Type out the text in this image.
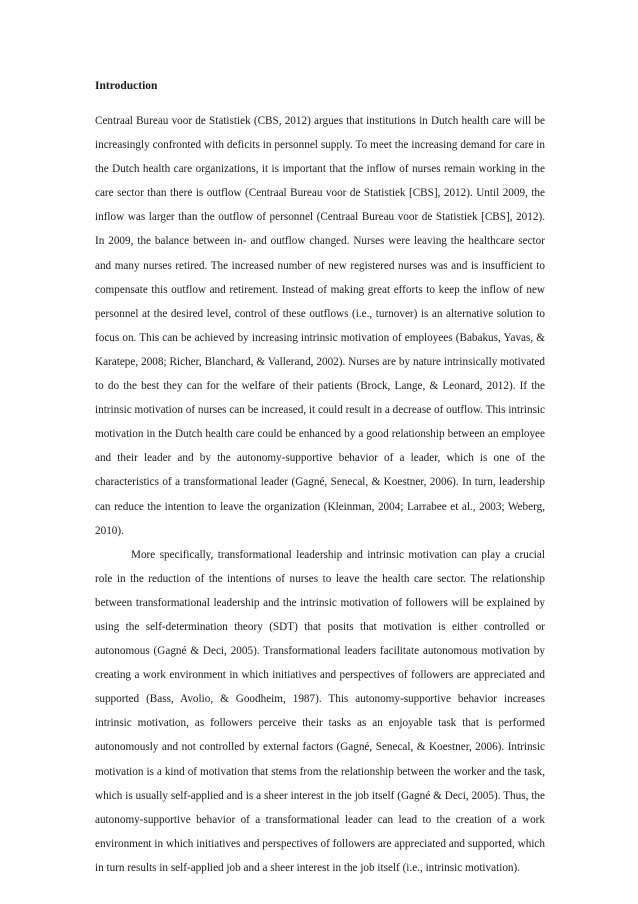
Introduction

Centraal Bureau voor de Statistiek (CBS, 2012) argues that institutions in Dutch health care will be increasingly confronted with deficits in personnel supply. To meet the increasing demand for care in the Dutch health care organizations, it is important that the inflow of nurses remain working in the care sector than there is outflow (Centraal Bureau voor de Statistiek [CBS], 2012). Until 2009, the inflow was larger than the outflow of personnel (Centraal Bureau voor de Statistiek [CBS], 2012). In 2009, the balance between in- and outflow changed. Nurses were leaving the healthcare sector and many nurses retired. The increased number of new registered nurses was and is insufficient to compensate this outflow and retirement. Instead of making great efforts to keep the inflow of new personnel at the desired level, control of these outflows (i.e., turnover) is an alternative solution to focus on. This can be achieved by increasing intrinsic motivation of employees (Babakus, Yavas, & Karatepe, 2008; Richer, Blanchard, & Vallerand, 2002). Nurses are by nature intrinsically motivated to do the best they can for the welfare of their patients (Brock, Lange, & Leonard, 2012). If the intrinsic motivation of nurses can be increased, it could result in a decrease of outflow. This intrinsic motivation in the Dutch health care could be enhanced by a good relationship between an employee and their leader and by the autonomy-supportive behavior of a leader, which is one of the characteristics of a transformational leader (Gagné, Senecal, & Koestner, 2006). In turn, leadership can reduce the intention to leave the organization (Kleinman, 2004; Larrabee et al., 2003; Weberg, 2010).

More specifically, transformational leadership and intrinsic motivation can play a crucial role in the reduction of the intentions of nurses to leave the health care sector. The relationship between transformational leadership and the intrinsic motivation of followers will be explained by using the self-determination theory (SDT) that posits that motivation is either controlled or autonomous (Gagné & Deci, 2005). Transformational leaders facilitate autonomous motivation by creating a work environment in which initiatives and perspectives of followers are appreciated and supported (Bass, Avolio, & Goodheim, 1987). This autonomy-supportive behavior increases intrinsic motivation, as followers perceive their tasks as an enjoyable task that is performed autonomously and not controlled by external factors (Gagné, Senecal, & Koestner, 2006). Intrinsic motivation is a kind of motivation that stems from the relationship between the worker and the task, which is usually self-applied and is a sheer interest in the job itself (Gagné & Deci, 2005). Thus, the autonomy-supportive behavior of a transformational leader can lead to the creation of a work environment in which initiatives and perspectives of followers are appreciated and supported, which in turn results in self-applied job and a sheer interest in the job itself (i.e., intrinsic motivation).
